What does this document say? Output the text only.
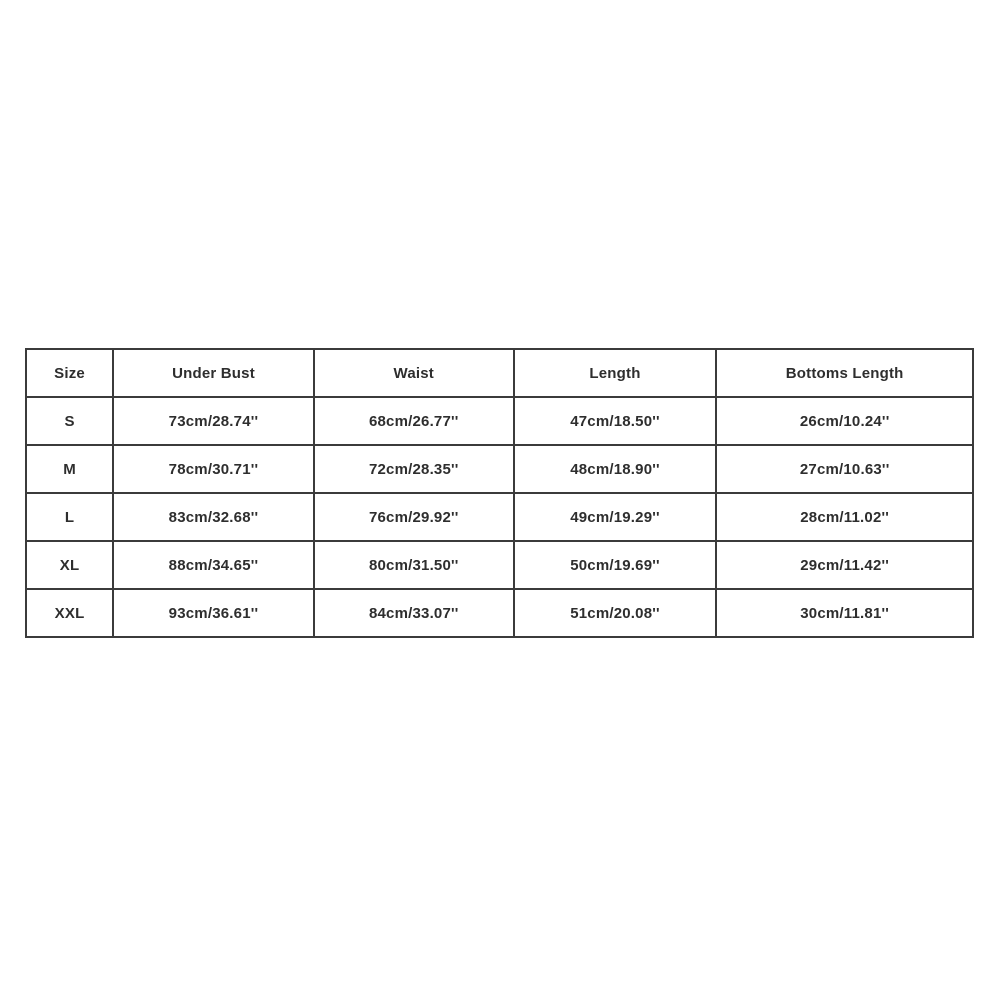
Size	Under Bust	Waist	Length	Bottoms Length
S	73cm/28.74''	68cm/26.77''	47cm/18.50''	26cm/10.24''
M	78cm/30.71''	72cm/28.35''	48cm/18.90''	27cm/10.63''
L	83cm/32.68''	76cm/29.92''	49cm/19.29''	28cm/11.02''
XL	88cm/34.65''	80cm/31.50''	50cm/19.69''	29cm/11.42''
XXL	93cm/36.61''	84cm/33.07''	51cm/20.08''	30cm/11.81''
